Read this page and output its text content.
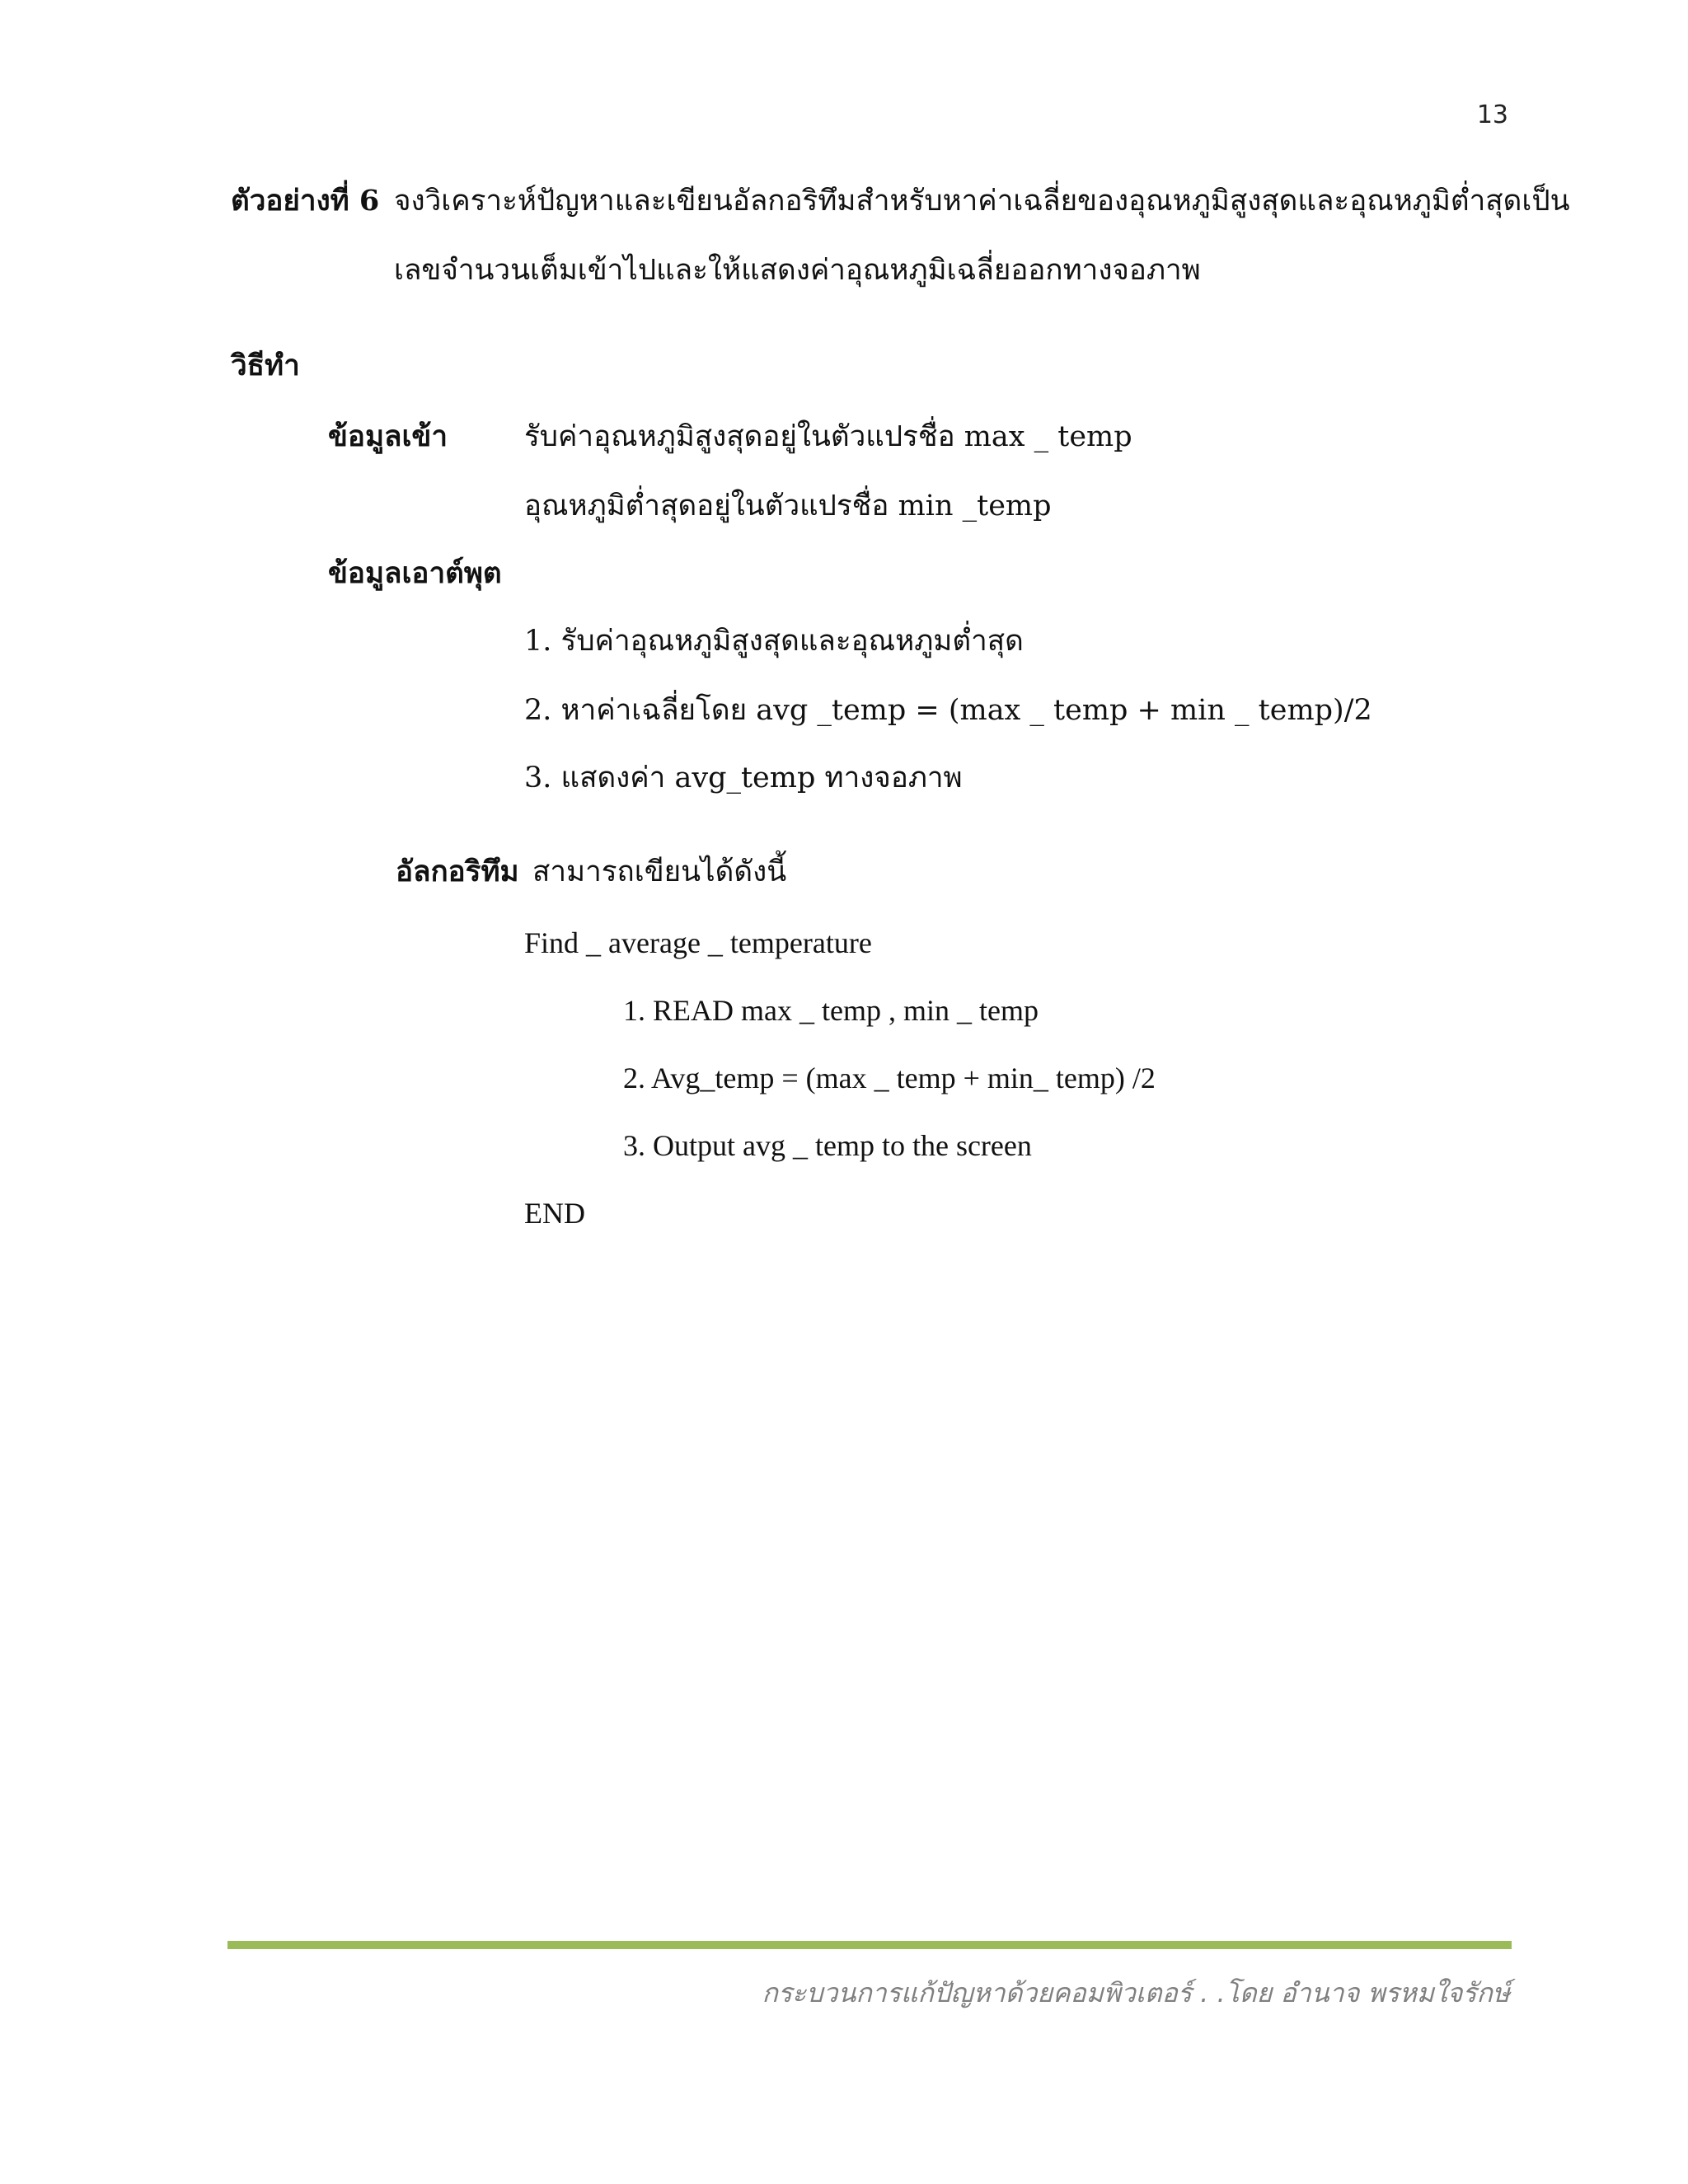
13
ตัวอย่างที่ 6 จงวิเคราะห์ปัญหาและเขียนอัลกอริทึมสำหรับหาค่าเฉลี่ยของอุณหภูมิสูงสุดและอุณหภูมิต่ำสุดเป็น
เลขจำนวนเต็มเข้าไปและให้แสดงค่าอุณหภูมิเฉลี่ยออกทางจอภาพ
วิธีทำ
ข้อมูลเข้า	รับค่าอุณหภูมิสูงสุดอยู่ในตัวแปรชื่อ max _ temp
อุณหภูมิต่ำสุดอยู่ในตัวแปรชื่อ min _temp
ข้อมูลเอาต์พุต
1. รับค่าอุณหภูมิสูงสุดและอุณหภูมต่ำสุด
2. หาค่าเฉลี่ยโดย avg _temp = (max _ temp + min _ temp)/2
3. แสดงค่า avg_temp ทางจอภาพ
อัลกอริทึม สามารถเขียนได้ดังนี้
Find _ average _ temperature
1. READ max _ temp , min _ temp
2. Avg_temp = (max _ temp + min_ temp) /2
3. Output avg _ temp to the screen
END
กระบวนการแก้ปัญหาด้วยคอมพิวเตอร์ . .โดย อำนาจ พรหมใจรักษ์
